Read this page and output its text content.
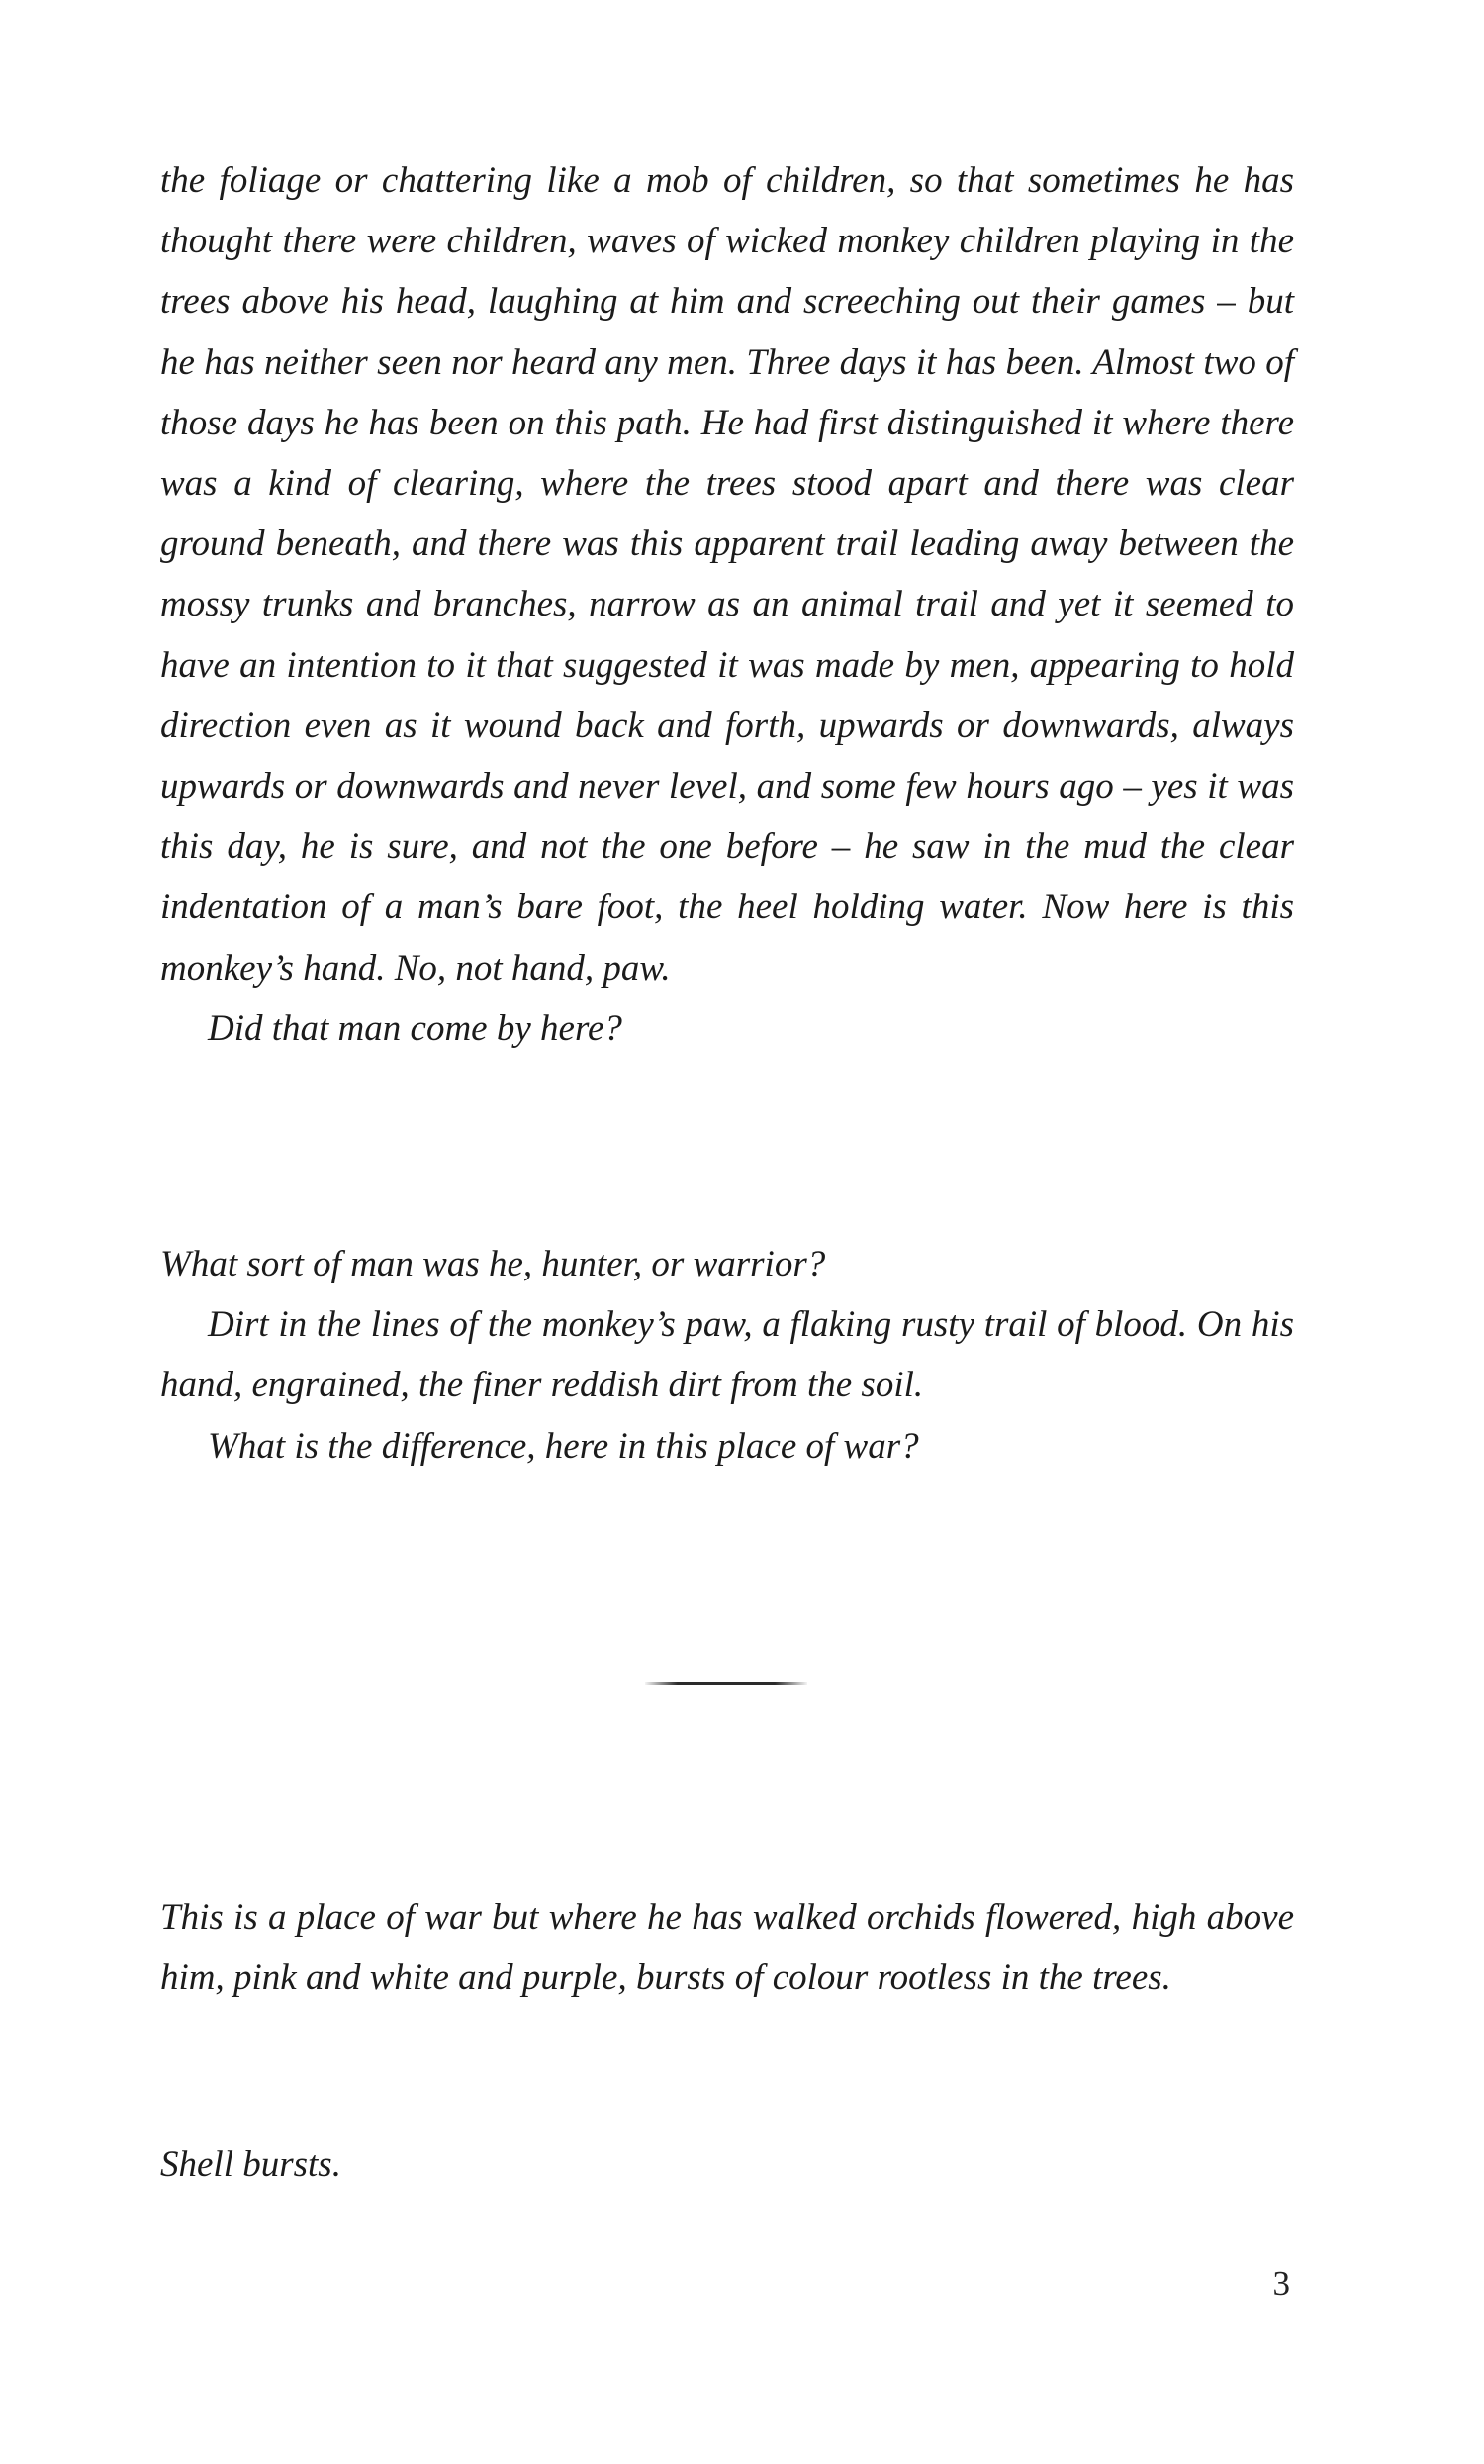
the foliage or chattering like a mob of children, so that sometimes he has thought there were children, waves of wicked monkey children playing in the trees above his head, laughing at him and screeching out their games – but he has neither seen nor heard any men. Three days it has been. Almost two of those days he has been on this path. He had first distinguished it where there was a kind of clearing, where the trees stood apart and there was clear ground beneath, and there was this apparent trail leading away between the mossy trunks and branches, narrow as an animal trail and yet it seemed to have an intention to it that suggested it was made by men, appearing to hold direction even as it wound back and forth, upwards or downwards, always upwards or downwards and never level, and some few hours ago – yes it was this day, he is sure, and not the one before – he saw in the mud the clear indentation of a man’s bare foot, the heel holding water. Now here is this monkey’s hand. No, not hand, paw.

Did that man come by here?

What sort of man was he, hunter, or warrior?

Dirt in the lines of the monkey’s paw, a flaking rusty trail of blood. On his hand, engrained, the finer reddish dirt from the soil.

What is the difference, here in this place of war?

This is a place of war but where he has walked orchids flowered, high above him, pink and white and purple, bursts of colour rootless in the trees.

Shell bursts.

3
